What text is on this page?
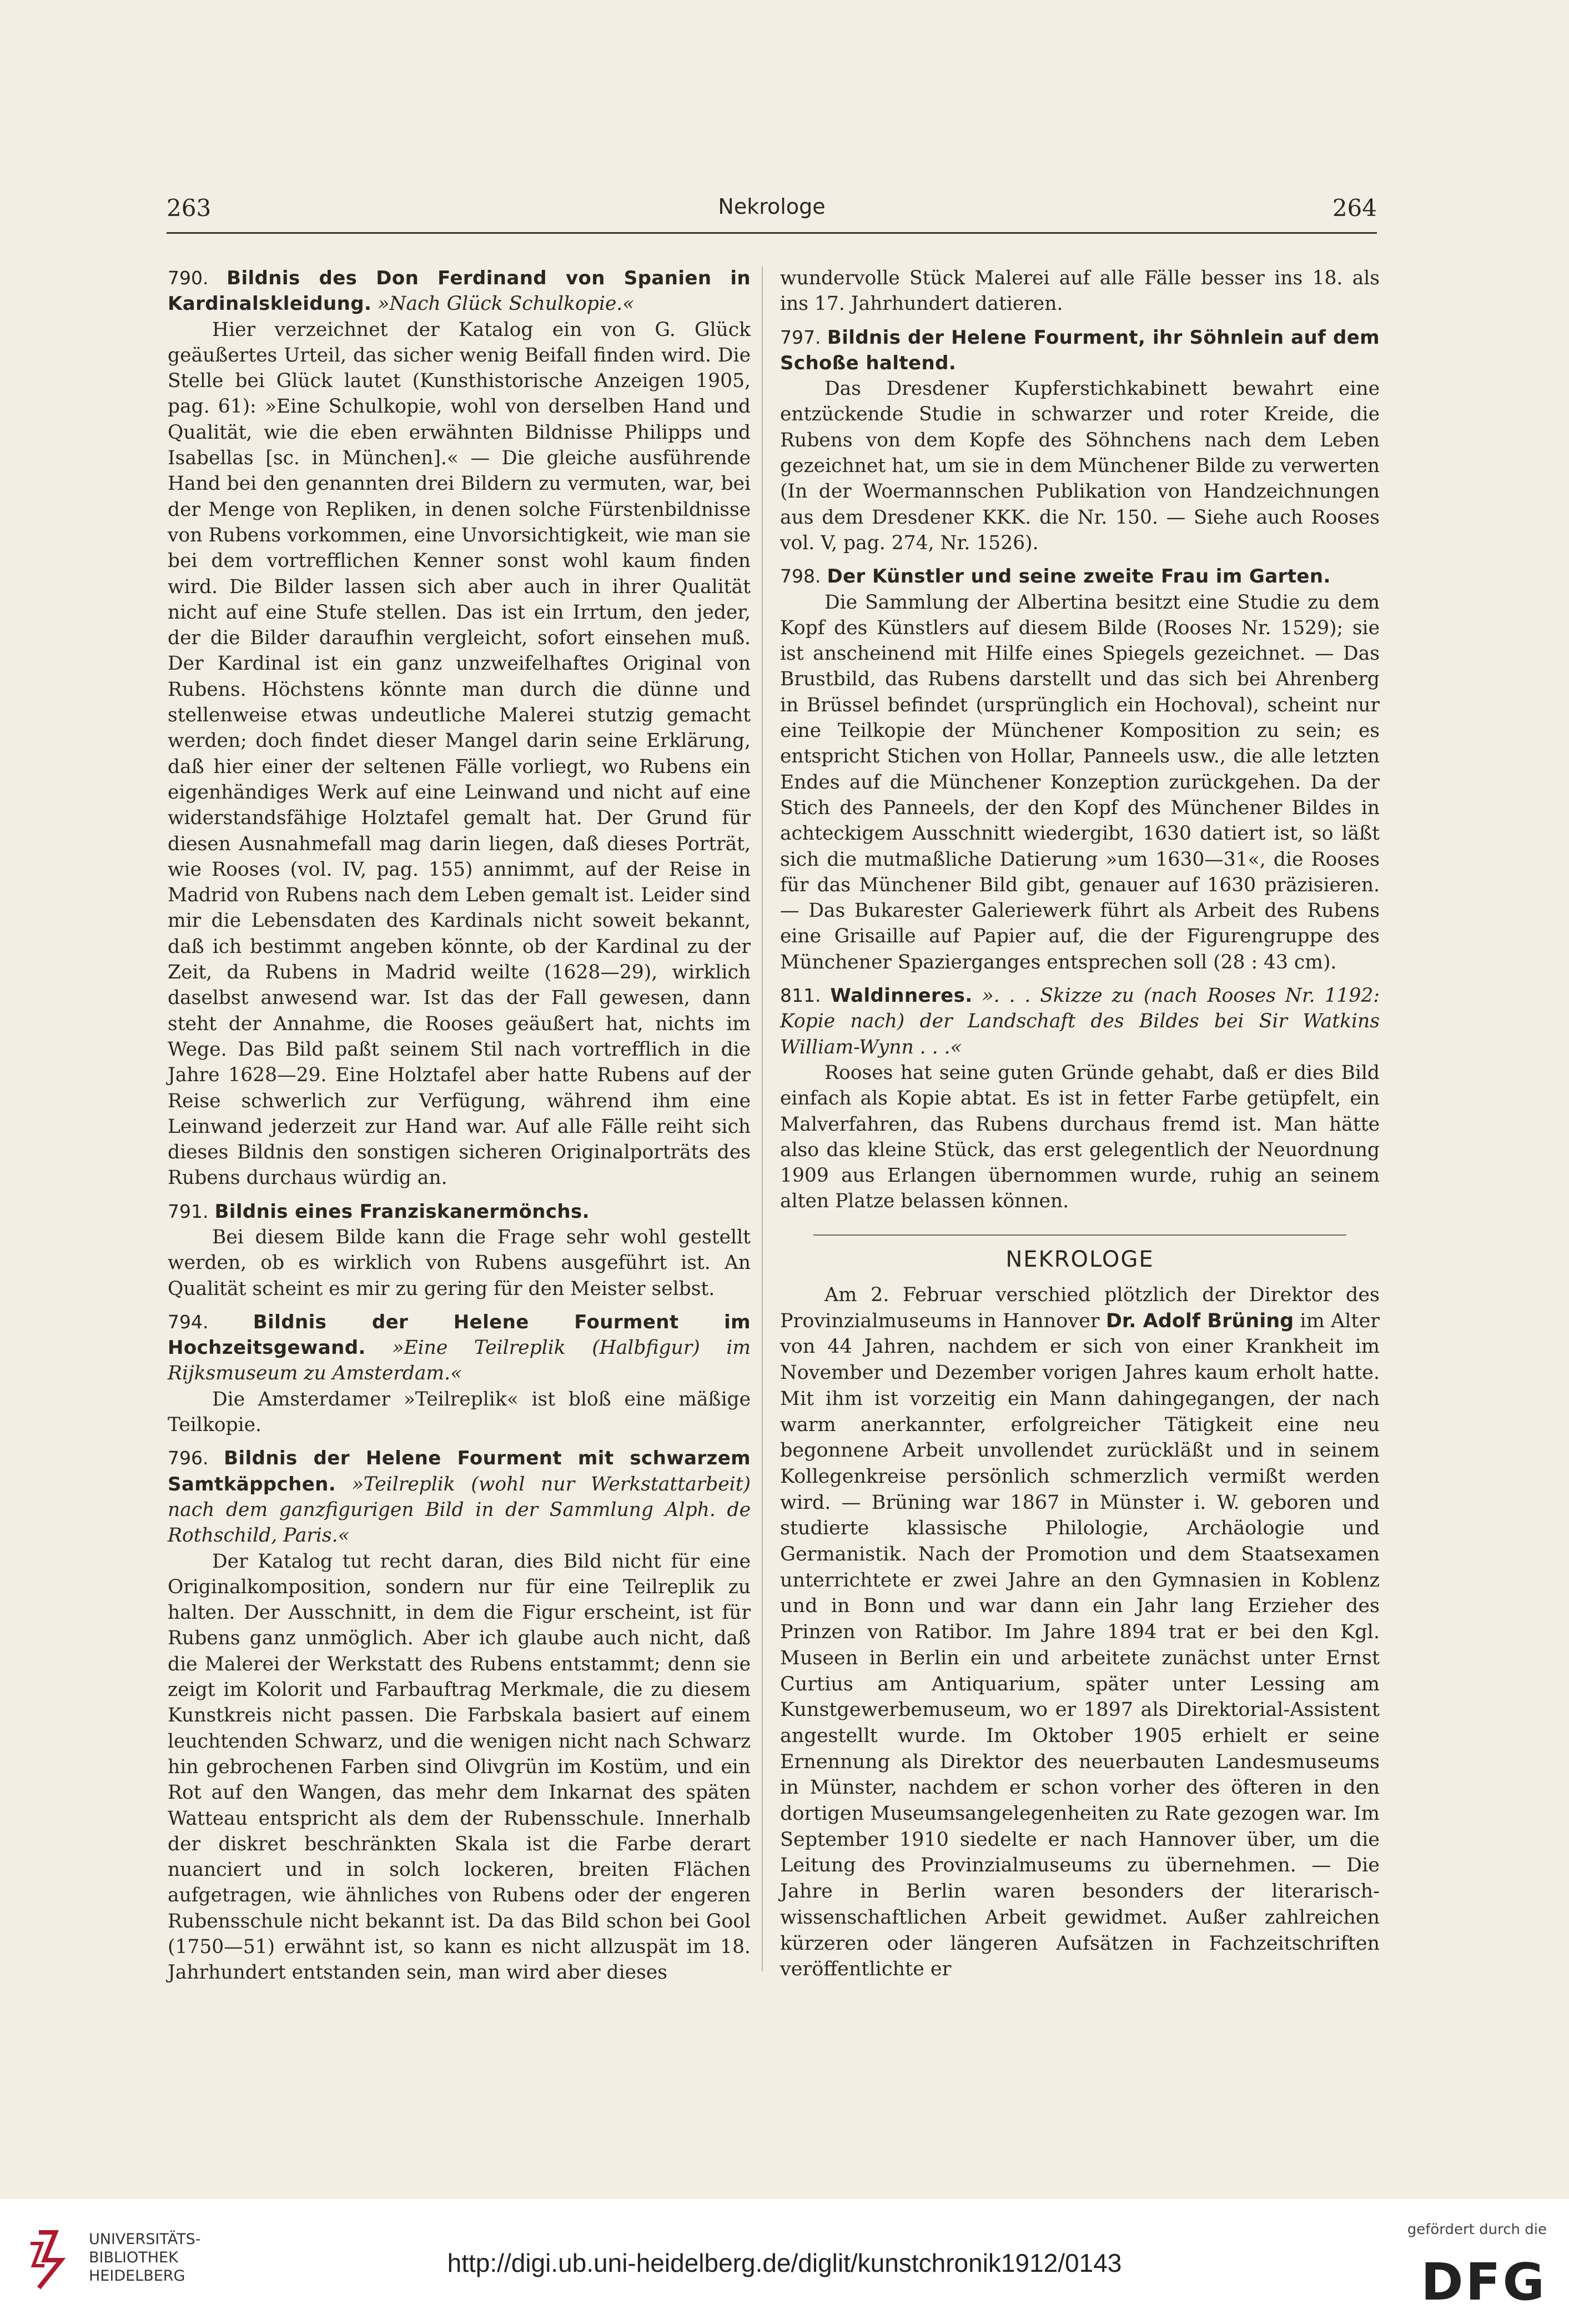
263	Nekrologe	264

790. Bildnis des Don Ferdinand von Spanien in Kardinalskleidung. »Nach Glück Schulkopie.«

Hier verzeichnet der Katalog ein von G. Glück geäußertes Urteil, das sicher wenig Beifall finden wird. Die Stelle bei Glück lautet (Kunsthistorische Anzeigen 1905, pag. 61): »Eine Schulkopie, wohl von derselben Hand und Qualität, wie die eben erwähnten Bildnisse Philipps und Isabellas [sc. in München].« — Die gleiche ausführende Hand bei den genannten drei Bildern zu vermuten, war, bei der Menge von Repliken, in denen solche Fürstenbildnisse von Rubens vorkommen, eine Unvorsichtigkeit, wie man sie bei dem vortrefflichen Kenner sonst wohl kaum finden wird. Die Bilder lassen sich aber auch in ihrer Qualität nicht auf eine Stufe stellen. Das ist ein Irrtum, den jeder, der die Bilder daraufhin vergleicht, sofort einsehen muß. Der Kardinal ist ein ganz unzweifelhaftes Original von Rubens. Höchstens könnte man durch die dünne und stellenweise etwas undeutliche Malerei stutzig gemacht werden; doch findet dieser Mangel darin seine Erklärung, daß hier einer der seltenen Fälle vorliegt, wo Rubens ein eigenhändiges Werk auf eine Leinwand und nicht auf eine widerstandsfähige Holztafel gemalt hat. Der Grund für diesen Ausnahmefall mag darin liegen, daß dieses Porträt, wie Rooses (vol. IV, pag. 155) annimmt, auf der Reise in Madrid von Rubens nach dem Leben gemalt ist. Leider sind mir die Lebensdaten des Kardinals nicht soweit bekannt, daß ich bestimmt angeben könnte, ob der Kardinal zu der Zeit, da Rubens in Madrid weilte (1628—29), wirklich daselbst anwesend war. Ist das der Fall gewesen, dann steht der Annahme, die Rooses geäußert hat, nichts im Wege. Das Bild paßt seinem Stil nach vortrefflich in die Jahre 1628—29. Eine Holztafel aber hatte Rubens auf der Reise schwerlich zur Verfügung, während ihm eine Leinwand jederzeit zur Hand war. Auf alle Fälle reiht sich dieses Bildnis den sonstigen sicheren Originalporträts des Rubens durchaus würdig an.

791. Bildnis eines Franziskanermönchs.

Bei diesem Bilde kann die Frage sehr wohl gestellt werden, ob es wirklich von Rubens ausgeführt ist. An Qualität scheint es mir zu gering für den Meister selbst.

794. Bildnis der Helene Fourment im Hochzeitsgewand. »Eine Teilreplik (Halbfigur) im Rijksmuseum zu Amsterdam.«

Die Amsterdamer »Teilreplik« ist bloß eine mäßige Teilkopie.

796. Bildnis der Helene Fourment mit schwarzem Samtkäppchen. »Teilreplik (wohl nur Werkstattarbeit) nach dem ganzfigurigen Bild in der Sammlung Alph. de Rothschild, Paris.«

Der Katalog tut recht daran, dies Bild nicht für eine Originalkomposition, sondern nur für eine Teilreplik zu halten. Der Ausschnitt, in dem die Figur erscheint, ist für Rubens ganz unmöglich. Aber ich glaube auch nicht, daß die Malerei der Werkstatt des Rubens entstammt; denn sie zeigt im Kolorit und Farbauftrag Merkmale, die zu diesem Kunstkreis nicht passen. Die Farbskala basiert auf einem leuchtenden Schwarz, und die wenigen nicht nach Schwarz hin gebrochenen Farben sind Olivgrün im Kostüm, und ein Rot auf den Wangen, das mehr dem Inkarnat des späten Watteau entspricht als dem der Rubensschule. Innerhalb der diskret beschränkten Skala ist die Farbe derart nuanciert und in solch lockeren, breiten Flächen aufgetragen, wie ähnliches von Rubens oder der engeren Rubensschule nicht bekannt ist. Da das Bild schon bei Gool (1750—51) erwähnt ist, so kann es nicht allzuspät im 18. Jahrhundert entstanden sein, man wird aber dieses

wundervolle Stück Malerei auf alle Fälle besser ins 18. als ins 17. Jahrhundert datieren.

797. Bildnis der Helene Fourment, ihr Söhnlein auf dem Schoße haltend.

Das Dresdener Kupferstichkabinett bewahrt eine entzückende Studie in schwarzer und roter Kreide, die Rubens von dem Kopfe des Söhnchens nach dem Leben gezeichnet hat, um sie in dem Münchener Bilde zu verwerten (In der Woermannschen Publikation von Handzeichnungen aus dem Dresdener KKK. die Nr. 150. — Siehe auch Rooses vol. V, pag. 274, Nr. 1526).

798. Der Künstler und seine zweite Frau im Garten.

Die Sammlung der Albertina besitzt eine Studie zu dem Kopf des Künstlers auf diesem Bilde (Rooses Nr. 1529); sie ist anscheinend mit Hilfe eines Spiegels gezeichnet. — Das Brustbild, das Rubens darstellt und das sich bei Ahrenberg in Brüssel befindet (ursprünglich ein Hochoval), scheint nur eine Teilkopie der Münchener Komposition zu sein; es entspricht Stichen von Hollar, Panneels usw., die alle letzten Endes auf die Münchener Konzeption zurückgehen. Da der Stich des Panneels, der den Kopf des Münchener Bildes in achteckigem Ausschnitt wiedergibt, 1630 datiert ist, so läßt sich die mutmaßliche Datierung »um 1630—31«, die Rooses für das Münchener Bild gibt, genauer auf 1630 präzisieren. — Das Bukarester Galeriewerk führt als Arbeit des Rubens eine Grisaille auf Papier auf, die der Figurengruppe des Münchener Spazierganges entsprechen soll (28 : 43 cm).

811. Waldinneres. ». . . Skizze zu (nach Rooses Nr. 1192: Kopie nach) der Landschaft des Bildes bei Sir Watkins William-Wynn . . .«

Rooses hat seine guten Gründe gehabt, daß er dies Bild einfach als Kopie abtat. Es ist in fetter Farbe getüpfelt, ein Malverfahren, das Rubens durchaus fremd ist. Man hätte also das kleine Stück, das erst gelegentlich der Neuordnung 1909 aus Erlangen übernommen wurde, ruhig an seinem alten Platze belassen können.

NEKROLOGE

Am 2. Februar verschied plötzlich der Direktor des Provinzialmuseums in Hannover Dr. Adolf Brüning im Alter von 44 Jahren, nachdem er sich von einer Krankheit im November und Dezember vorigen Jahres kaum erholt hatte. Mit ihm ist vorzeitig ein Mann dahingegangen, der nach warm anerkannter, erfolgreicher Tätigkeit eine neu begonnene Arbeit unvollendet zurückläßt und in seinem Kollegenkreise persönlich schmerzlich vermißt werden wird. — Brüning war 1867 in Münster i. W. geboren und studierte klassische Philologie, Archäologie und Germanistik. Nach der Promotion und dem Staatsexamen unterrichtete er zwei Jahre an den Gymnasien in Koblenz und in Bonn und war dann ein Jahr lang Erzieher des Prinzen von Ratibor. Im Jahre 1894 trat er bei den Kgl. Museen in Berlin ein und arbeitete zunächst unter Ernst Curtius am Antiquarium, später unter Lessing am Kunstgewerbemuseum, wo er 1897 als Direktorial-Assistent angestellt wurde. Im Oktober 1905 erhielt er seine Ernennung als Direktor des neuerbauten Landesmuseums in Münster, nachdem er schon vorher des öfteren in den dortigen Museumsangelegenheiten zu Rate gezogen war. Im September 1910 siedelte er nach Hannover über, um die Leitung des Provinzialmuseums zu übernehmen. — Die Jahre in Berlin waren besonders der literarisch-wissenschaftlichen Arbeit gewidmet. Außer zahlreichen kürzeren oder längeren Aufsätzen in Fachzeitschriften veröffentlichte er

UNIVERSITÄTS-
BIBLIOTHEK
HEIDELBERG	http://digi.ub.uni-heidelberg.de/diglit/kunstchronik1912/0143
gefördert durch die
DFG
